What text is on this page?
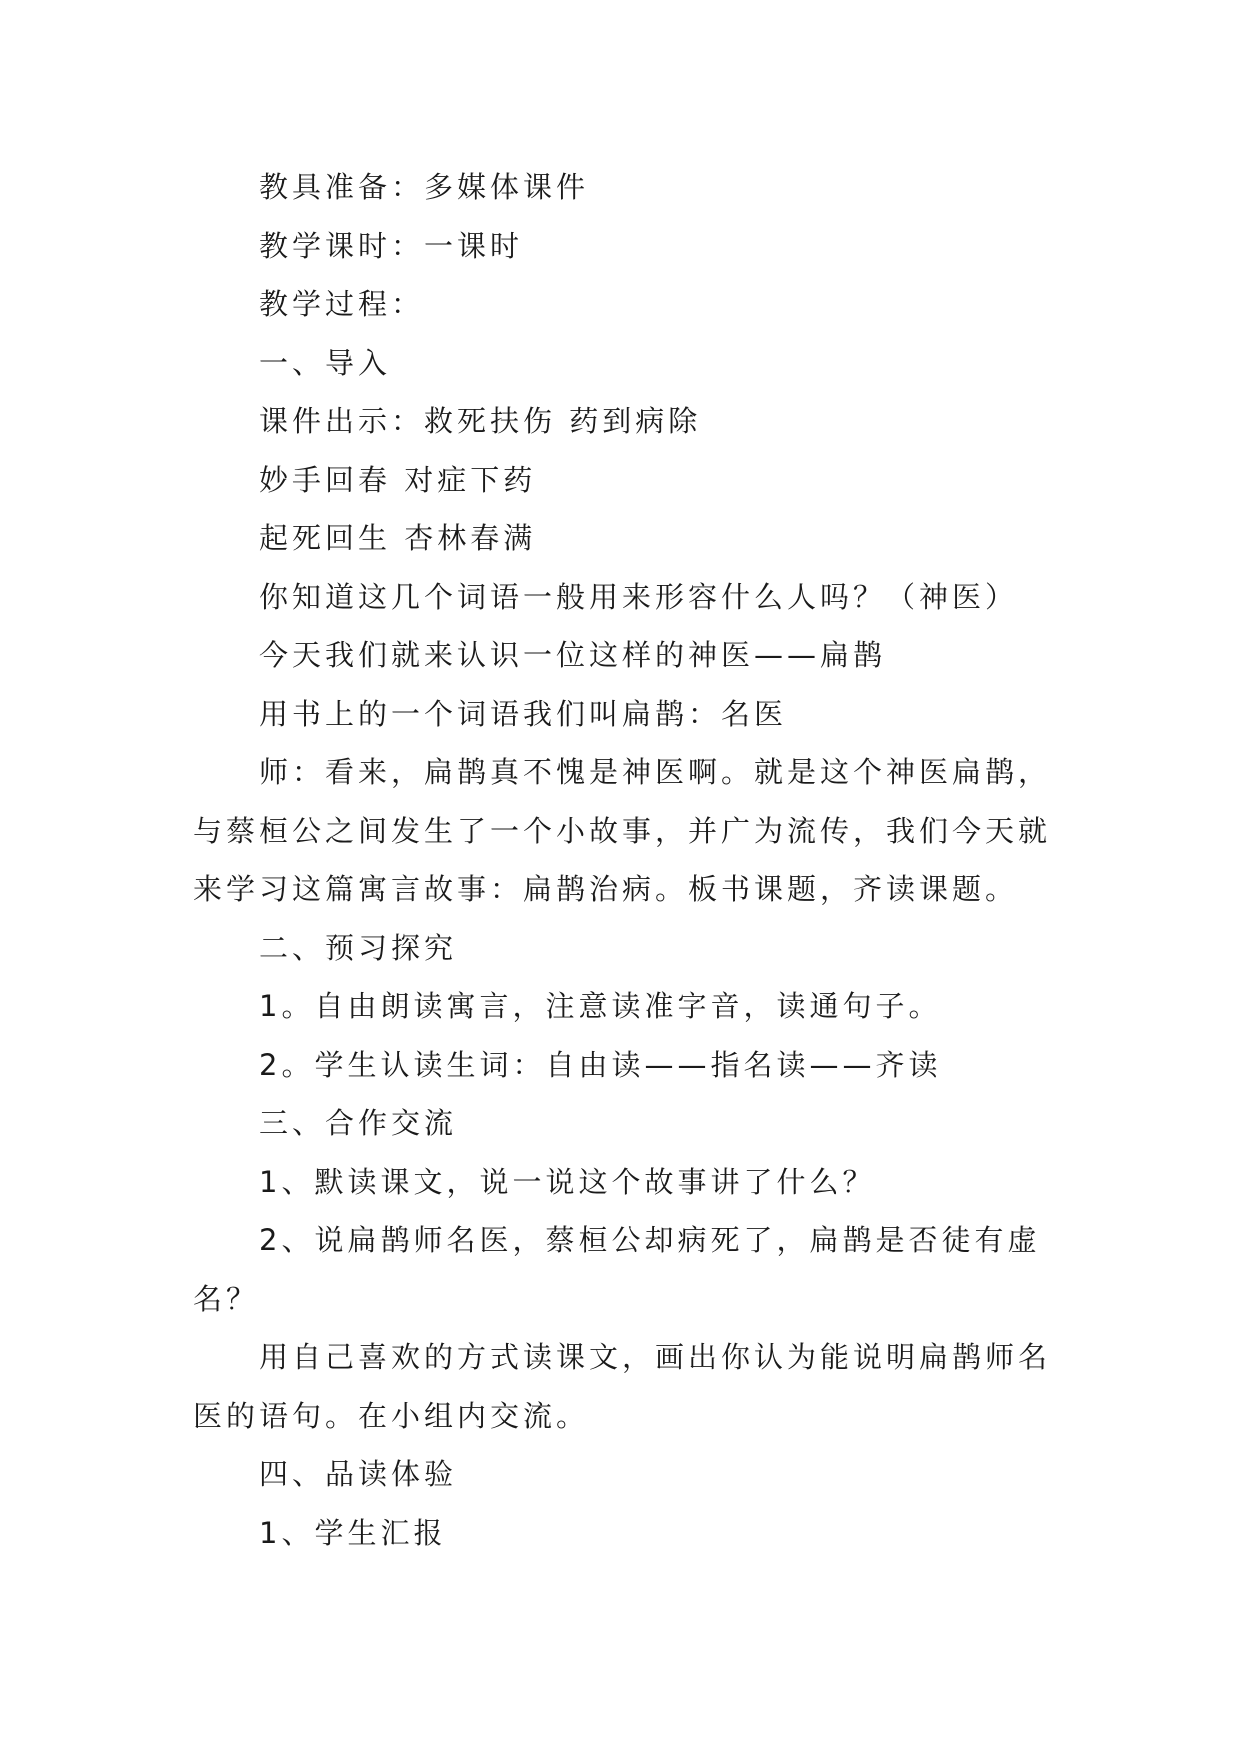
教具准备：多媒体课件

教学课时：一课时

教学过程：

一、导入

课件出示：救死扶伤 药到病除

妙手回春 对症下药

起死回生 杏林春满

你知道这几个词语一般用来形容什么人吗？（神医）

今天我们就来认识一位这样的神医——扁鹊

用书上的一个词语我们叫扁鹊：名医

师：看来，扁鹊真不愧是神医啊。就是这个神医扁鹊，与蔡桓公之间发生了一个小故事，并广为流传，我们今天就来学习这篇寓言故事：扁鹊治病。板书课题，齐读课题。

二、预习探究

1。自由朗读寓言，注意读准字音，读通句子。

2。学生认读生词：自由读——指名读——齐读

三、合作交流

1、默读课文，说一说这个故事讲了什么？

2、说扁鹊师名医，蔡桓公却病死了，扁鹊是否徒有虚名？

用自己喜欢的方式读课文，画出你认为能说明扁鹊师名医的语句。在小组内交流。

四、品读体验

1、学生汇报
